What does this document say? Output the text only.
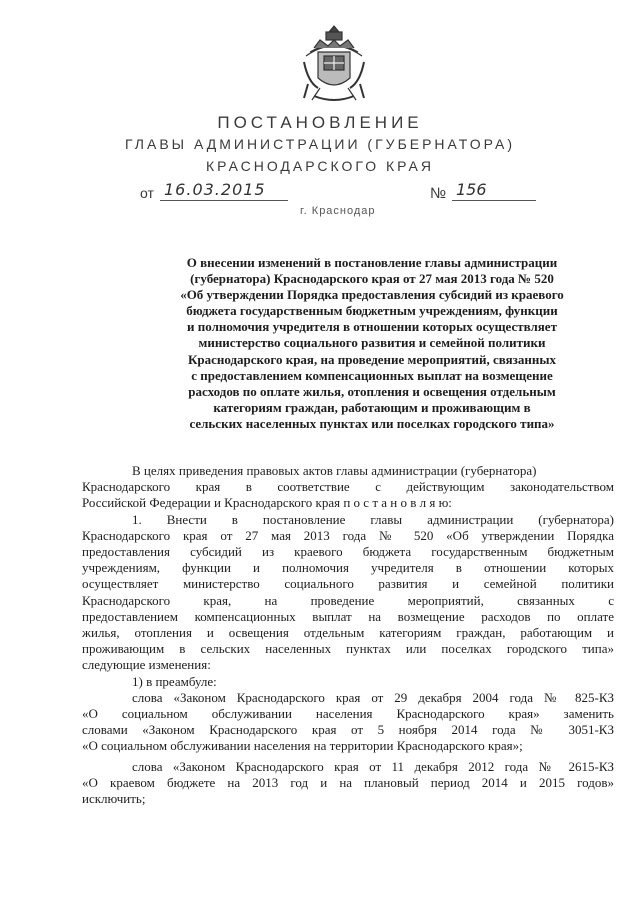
ПОСТАНОВЛЕНИЕ
ГЛАВЫ АДМИНИСТРАЦИИ (ГУБЕРНАТОРА)
КРАСНОДАРСКОГО КРАЯ
от 16.03.2015	№ 156
г. Краснодар
О внесении изменений в постановление главы администрации
(губернатора) Краснодарского края от 27 мая 2013 года № 520
«Об утверждении Порядка предоставления субсидий из краевого
бюджета государственным бюджетным учреждениям, функции
и полномочия учредителя в отношении которых осуществляет
министерство социального развития и семейной политики
Краснодарского края, на проведение мероприятий, связанных
с предоставлением компенсационных выплат на возмещение
расходов по оплате жилья, отопления и освещения отдельным
категориям граждан, работающим и проживающим в
сельских населенных пунктах или поселках городского типа»
В целях приведения правовых актов главы администрации (губернатора)
Краснодарского края в соответствие с действующим законодательством
Российской Федерации и Краснодарского края п о с т а н о в л я ю:
1. Внести в постановление главы администрации (губернатора)
Краснодарского края от 27 мая 2013 года № 520 «Об утверждении Порядка
предоставления субсидий из краевого бюджета государственным бюджетным
учреждениям, функции и полномочия учредителя в отношении которых
осуществляет министерство социального развития и семейной политики
Краснодарского края, на проведение мероприятий, связанных с
предоставлением компенсационных выплат на возмещение расходов по оплате
жилья, отопления и освещения отдельным категориям граждан, работающим и
проживающим в сельских населенных пунктах или поселках городского типа»
следующие изменения:
1) в преамбуле:
слова «Законом Краснодарского края от 29 декабря 2004 года № 825-КЗ
«О социальном обслуживании населения Краснодарского края» заменить
словами «Законом Краснодарского края от 5 ноября 2014 года № 3051-КЗ
«О социальном обслуживании населения на территории Краснодарского края»;
слова «Законом Краснодарского края от 11 декабря 2012 года № 2615-КЗ
«О краевом бюджете на 2013 год и на плановый период 2014 и 2015 годов»
исключить;
